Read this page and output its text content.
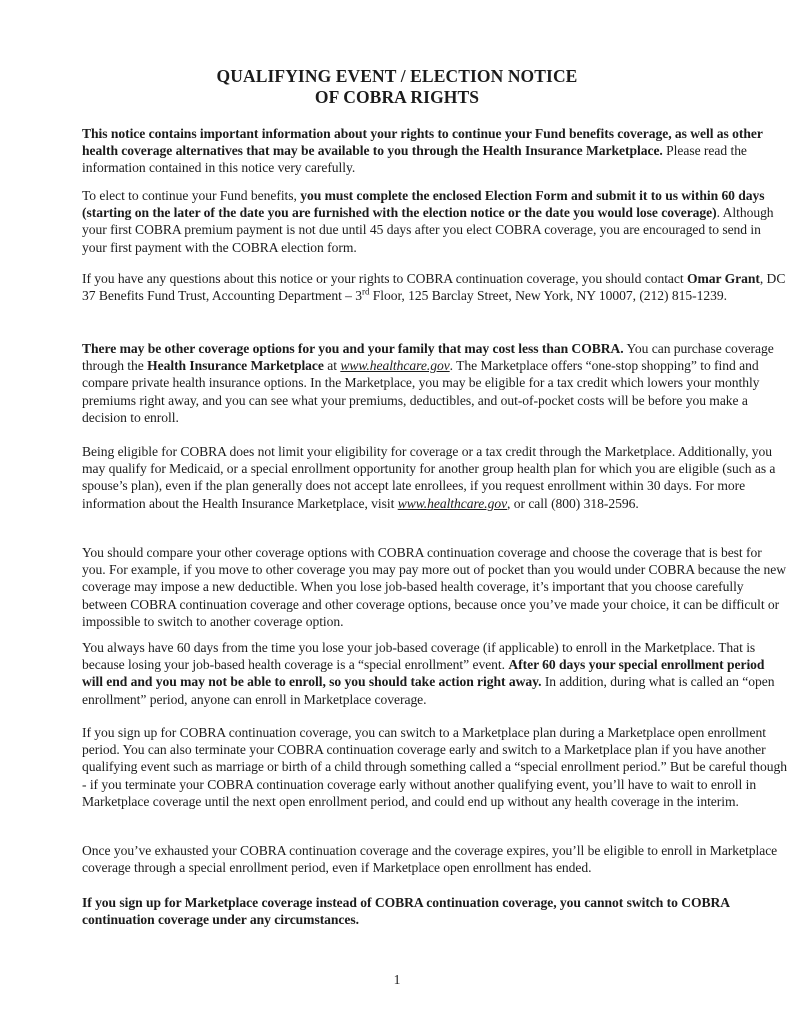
QUALIFYING EVENT / ELECTION NOTICE
OF COBRA RIGHTS
This notice contains important information about your rights to continue your Fund benefits coverage, as well as other health coverage alternatives that may be available to you through the Health Insurance Marketplace. Please read the information contained in this notice very carefully.
To elect to continue your Fund benefits, you must complete the enclosed Election Form and submit it to us within 60 days (starting on the later of the date you are furnished with the election notice or the date you would lose coverage). Although your first COBRA premium payment is not due until 45 days after you elect COBRA coverage, you are encouraged to send in your first payment with the COBRA election form.
If you have any questions about this notice or your rights to COBRA continuation coverage, you should contact Omar Grant, DC 37 Benefits Fund Trust, Accounting Department – 3rd Floor, 125 Barclay Street, New York, NY 10007, (212) 815-1239.
There may be other coverage options for you and your family that may cost less than COBRA. You can purchase coverage through the Health Insurance Marketplace at www.healthcare.gov. The Marketplace offers “one-stop shopping” to find and compare private health insurance options. In the Marketplace, you may be eligible for a tax credit which lowers your monthly premiums right away, and you can see what your premiums, deductibles, and out-of-pocket costs will be before you make a decision to enroll.
Being eligible for COBRA does not limit your eligibility for coverage or a tax credit through the Marketplace. Additionally, you may qualify for Medicaid, or a special enrollment opportunity for another group health plan for which you are eligible (such as a spouse’s plan), even if the plan generally does not accept late enrollees, if you request enrollment within 30 days. For more information about the Health Insurance Marketplace, visit www.healthcare.gov, or call (800) 318-2596.
You should compare your other coverage options with COBRA continuation coverage and choose the coverage that is best for you. For example, if you move to other coverage you may pay more out of pocket than you would under COBRA because the new coverage may impose a new deductible. When you lose job-based health coverage, it’s important that you choose carefully between COBRA continuation coverage and other coverage options, because once you’ve made your choice, it can be difficult or impossible to switch to another coverage option.
You always have 60 days from the time you lose your job-based coverage (if applicable) to enroll in the Marketplace. That is because losing your job-based health coverage is a “special enrollment” event. After 60 days your special enrollment period will end and you may not be able to enroll, so you should take action right away. In addition, during what is called an “open enrollment” period, anyone can enroll in Marketplace coverage.
If you sign up for COBRA continuation coverage, you can switch to a Marketplace plan during a Marketplace open enrollment period. You can also terminate your COBRA continuation coverage early and switch to a Marketplace plan if you have another qualifying event such as marriage or birth of a child through something called a “special enrollment period.” But be careful though - if you terminate your COBRA continuation coverage early without another qualifying event, you’ll have to wait to enroll in Marketplace coverage until the next open enrollment period, and could end up without any health coverage in the interim.
Once you’ve exhausted your COBRA continuation coverage and the coverage expires, you’ll be eligible to enroll in Marketplace coverage through a special enrollment period, even if Marketplace open enrollment has ended.
If you sign up for Marketplace coverage instead of COBRA continuation coverage, you cannot switch to COBRA continuation coverage under any circumstances.
1
